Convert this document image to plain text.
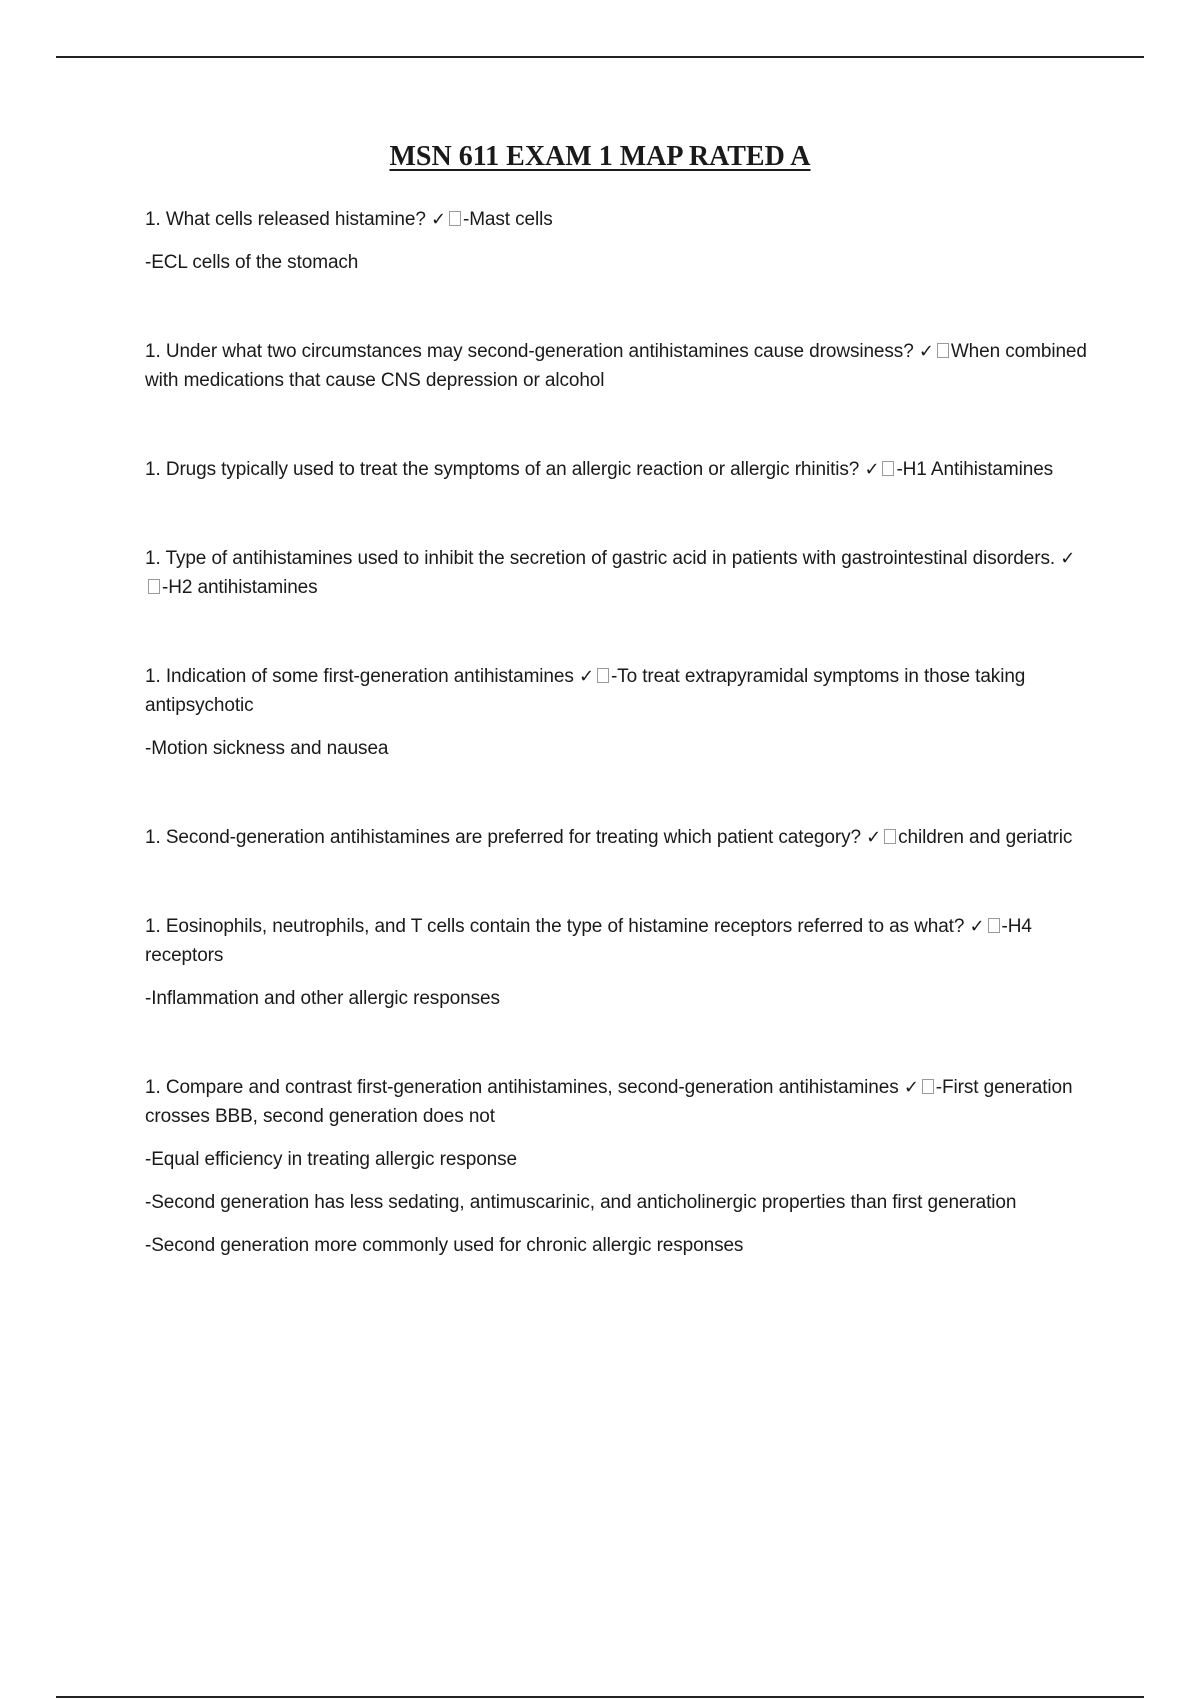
MSN 611 EXAM 1 MAP RATED A

1. What cells released histamine? ✓ -Mast cells

-ECL cells of the stomach

1. Under what two circumstances may second-generation antihistamines cause drowsiness? ✓ When combined with medications that cause CNS depression or alcohol

1. Drugs typically used to treat the symptoms of an allergic reaction or allergic rhinitis? ✓ -H1 Antihistamines

1. Type of antihistamines used to inhibit the secretion of gastric acid in patients with gastrointestinal disorders. ✓-H2 antihistamines

1. Indication of some first-generation antihistamines ✓ -To treat extrapyramidal symptoms in those taking antipsychotic

-Motion sickness and nausea

1. Second-generation antihistamines are preferred for treating which patient category? ✓ children and geriatric

1. Eosinophils, neutrophils, and T cells contain the type of histamine receptors referred to as what? ✓ -H4 receptors

-Inflammation and other allergic responses

1. Compare and contrast first-generation antihistamines, second-generation antihistamines ✓ -First generation crosses BBB, second generation does not

-Equal efficiency in treating allergic response

-Second generation has less sedating, antimuscarinic, and anticholinergic properties than first generation

-Second generation more commonly used for chronic allergic responses
